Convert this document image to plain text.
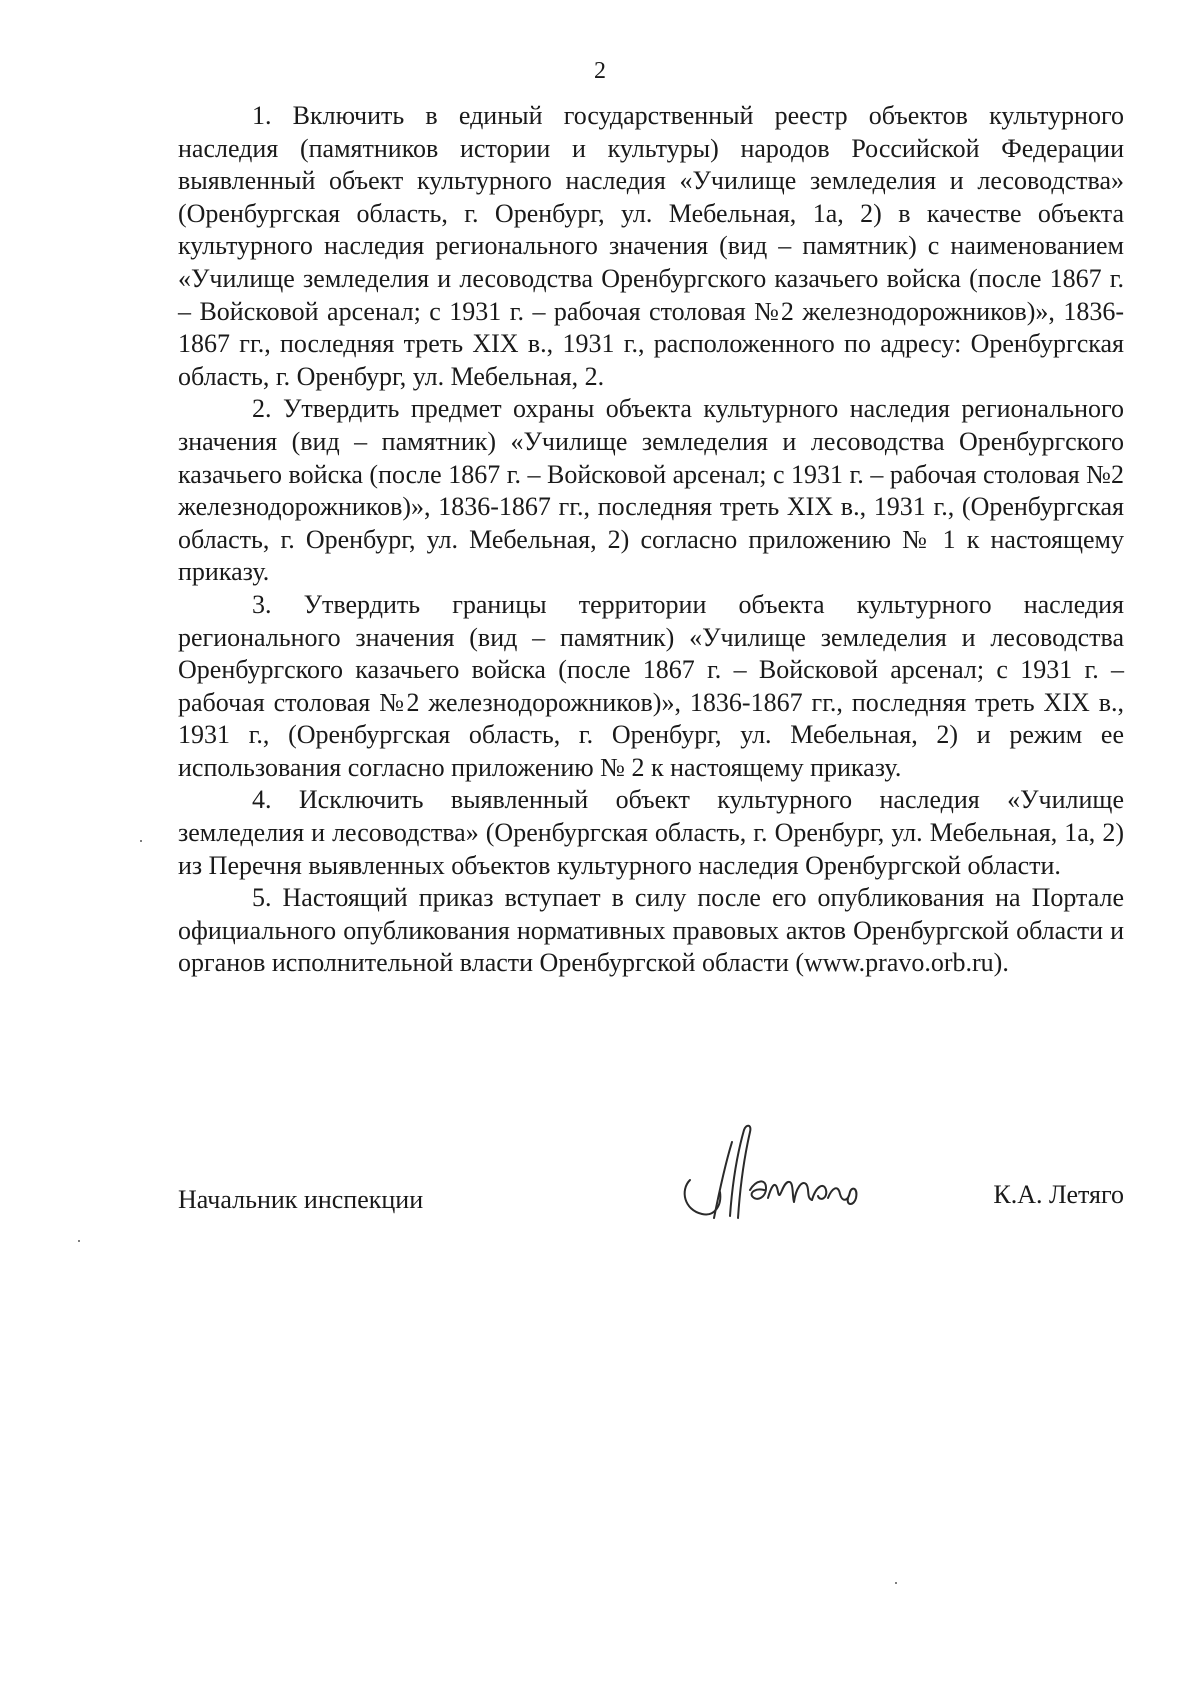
2

1. Включить в единый государственный реестр объектов культурного наследия (памятников истории и культуры) народов Российской Федерации выявленный объект культурного наследия «Училище земледелия и лесоводства» (Оренбургская область, г. Оренбург, ул. Мебельная, 1а, 2) в качестве объекта культурного наследия регионального значения (вид – памятник) с наименованием «Училище земледелия и лесоводства Оренбургского казачьего войска (после 1867 г. – Войсковой арсенал; с 1931 г. – рабочая столовая №2 железнодорожников)», 1836-1867 гг., последняя треть XIX в., 1931 г., расположенного по адресу: Оренбургская область, г. Оренбург, ул. Мебельная, 2.

2. Утвердить предмет охраны объекта культурного наследия регионального значения (вид – памятник) «Училище земледелия и лесоводства Оренбургского казачьего войска (после 1867 г. – Войсковой арсенал; с 1931 г. – рабочая столовая №2 железнодорожников)», 1836-1867 гг., последняя треть XIX в., 1931 г., (Оренбургская область, г. Оренбург, ул. Мебельная, 2) согласно приложению № 1 к настоящему приказу.

3. Утвердить границы территории объекта культурного наследия регионального значения (вид – памятник) «Училище земледелия и лесоводства Оренбургского казачьего войска (после 1867 г. – Войсковой арсенал; с 1931 г. – рабочая столовая №2 железнодорожников)», 1836-1867 гг., последняя треть XIX в., 1931 г., (Оренбургская область, г. Оренбург, ул. Мебельная, 2) и режим ее использования согласно приложению № 2 к настоящему приказу.

4. Исключить выявленный объект культурного наследия «Училище земледелия и лесоводства» (Оренбургская область, г. Оренбург, ул. Мебельная, 1а, 2) из Перечня выявленных объектов культурного наследия Оренбургской области.

5. Настоящий приказ вступает в силу после его опубликования на Портале официального опубликования нормативных правовых актов Оренбургской области и органов исполнительной власти Оренбургской области (www.pravo.orb.ru).

Начальник инспекции	К.А. Летяго
